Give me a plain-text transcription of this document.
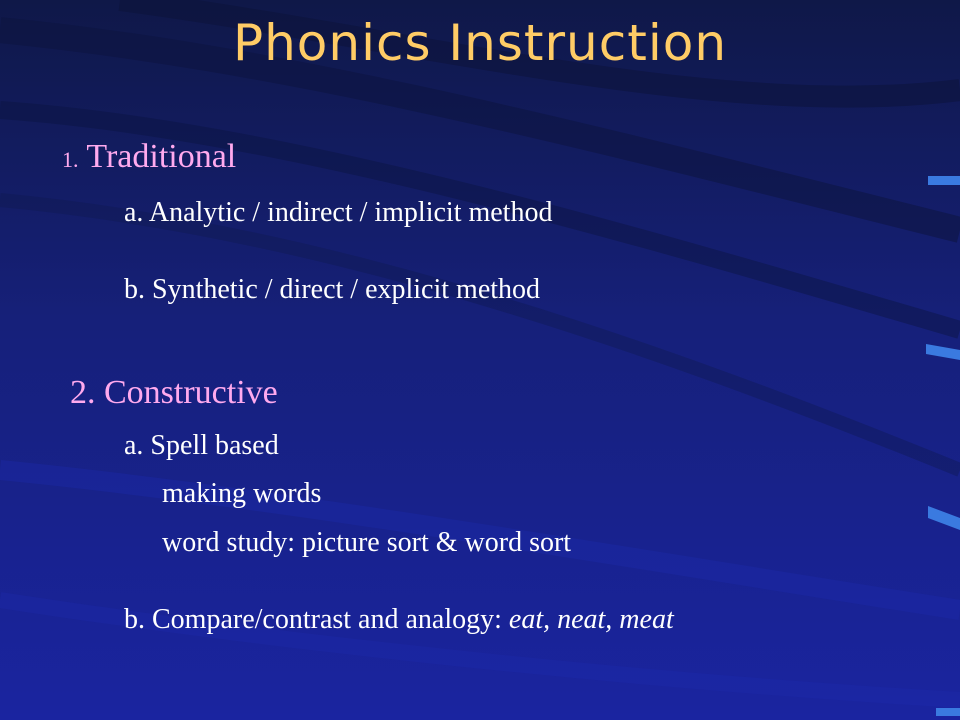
Phonics Instruction
1. Traditional
a. Analytic / indirect / implicit method
b. Synthetic / direct / explicit method
2. Constructive
a. Spell based
making words
word study: picture sort & word sort
b. Compare/contrast and analogy: eat, neat, meat
